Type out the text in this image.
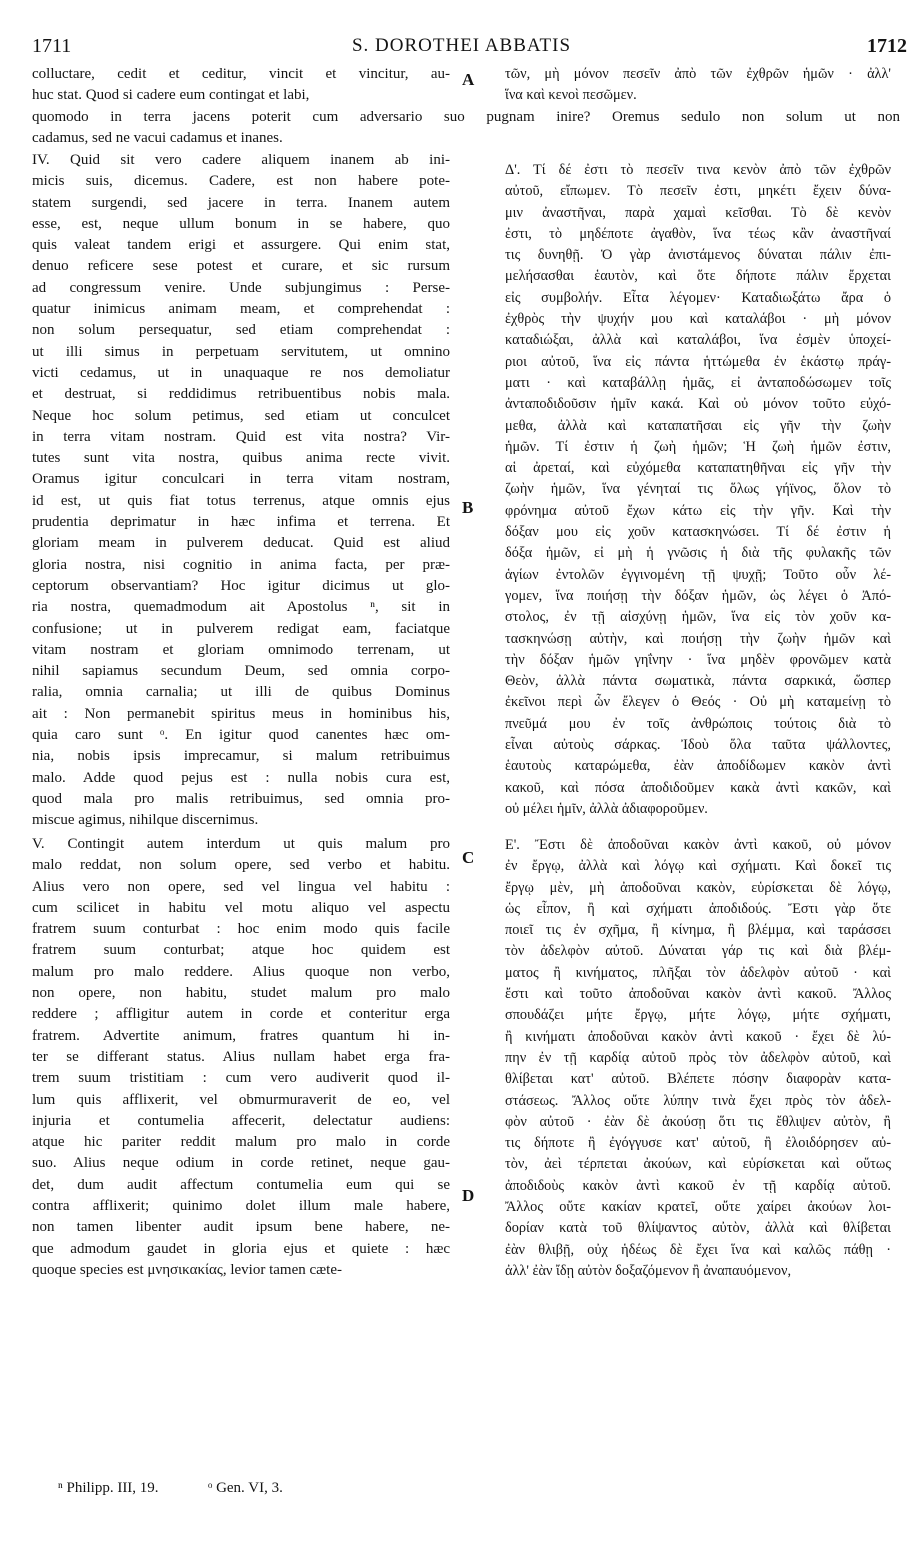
1711	S. DOROTHEI ABBATIS	1712
colluctare, cedit et ceditur, vincit et vincitur, au-
huc stat. Quod si cadere eum contingat et labi,
τῶν, μὴ μόνον πεσεῖν ἀπὸ τῶν ἐχθρῶν ἡμῶν · ἀλλ'
ἵνα καὶ κενοὶ πεσῶμεν.
quomodo in terra jacens poterit cum adversario suo pugnam inire? Oremus sedulo non solum ut non
cadamus, sed ne vacui cadamus et inanes.
IV. Quid sit vero cadere aliquem inanem ab ini-
micis suis, dicemus. Cadere, est non habere pote-
statem surgendi, sed jacere in terra. Inanem autem
esse, est, neque ullum bonum in se habere, quo
quis valeat tandem erigi et assurgere. Qui enim stat,
denuo reficere sese potest et curare, et sic rursum
ad congressum venire. Unde subjungimus : Perse-
quatur inimicus animam meam, et comprehendat :
non solum persequatur, sed etiam comprehendat :
ut illi simus in perpetuam servitutem, ut omnino
victi cedamus, ut in unaquaque re nos demoliatur
et destruat, si reddidimus retribuentibus nobis mala.
Neque hoc solum petimus, sed etiam ut conculcet
in terra vitam nostram. Quid est vita nostra? Vir-
tutes sunt vita nostra, quibus anima recte vivit.
Oramus igitur conculcari in terra vitam nostram,
id est, ut quis fiat totus terrenus, atque omnis ejus
prudentia deprimatur in hæc infima et terrena. Et
gloriam meam in pulverem deducat. Quid est aliud
gloria nostra, nisi cognitio in anima facta, per præ-
ceptorum observantiam? Hoc igitur dicimus ut glo-
ria nostra, quemadmodum ait Apostolus ⁿ, sit in
confusione; ut in pulverem redigat eam, faciatque
vitam nostram et gloriam omnimodo terrenam, ut
nihil sapiamus secundum Deum, sed omnia corpo-
ralia, omnia carnalia; ut illi de quibus Dominus
ait : Non permanebit spiritus meus in hominibus his,
quia caro sunt ᵒ. En igitur quod canentes hæc om-
nia, nobis ipsis imprecamur, si malum retribuimus
malo. Adde quod pejus est : nulla nobis cura est,
quod mala pro malis retribuimus, sed omnia pro-
miscue agimus, nihilque discernimus.
V. Contingit autem interdum ut quis malum pro
malo reddat, non solum opere, sed verbo et habitu.
Alius vero non opere, sed vel lingua vel habitu :
cum scilicet in habitu vel motu aliquo vel aspectu
fratrem suum conturbat : hoc enim modo quis facile
fratrem suum conturbat; atque hoc quidem est
malum pro malo reddere. Alius quoque non verbo,
non opere, non habitu, studet malum pro malo
reddere ; affligitur autem in corde et conteritur erga
fratrem. Advertite animum, fratres quantum hi in-
ter se differant status. Alius nullam habet erga fra-
trem suum tristitiam : cum vero audiverit quod il-
lum quis afflixerit, vel obmurmuraverit de eo, vel
injuria et contumelia affecerit, delectatur audiens:
atque hic pariter reddit malum pro malo in corde
suo. Alius neque odium in corde retinet, neque gau-
det, dum audit affectum contumelia eum qui se
contra afflixerit; quinimo dolet illum male habere,
non tamen libenter audit ipsum bene habere, ne-
que admodum gaudet in gloria ejus et quiete : hæc
quoque species est μνησικακίας, levior tamen cæte-
Δ'. Τί δέ ἐστι τὸ πεσεῖν τινα κενὸν ἀπὸ τῶν ἐχθρῶν
αὐτοῦ, εἴπωμεν. Τὸ πεσεῖν ἐστι, μηκέτι ἔχειν δύνα-
μιν ἀναστῆναι, παρὰ χαμαὶ κεῖσθαι. Τὸ δὲ κενὸν
ἐστι, τὸ μηδέποτε ἀγαθὸν, ἵνα τέως κἂν ἀναστῆναί
τις δυνηθῇ. Ὁ γὰρ ἀνιστάμενος δύναται πάλιν ἐπι-
μελήσασθαι ἑαυτὸν, καὶ ὅτε δήποτε πάλιν ἔρχεται
εἰς συμβολήν. Εἶτα λέγομεν· Καταδιωξάτω ἄρα ὁ
ἐχθρὸς τὴν ψυχήν μου καὶ καταλάβοι · μὴ μόνον
καταδιώξαι, ἀλλὰ καὶ καταλάβοι, ἵνα ἐσμὲν ὑποχεί-
ριοι αὐτοῦ, ἵνα εἰς πάντα ἡττώμεθα ἐν ἑκάστῳ πράγ-
ματι · καὶ καταβάλλῃ ἡμᾶς, εἰ ἀνταποδώσωμεν τοῖς
ἀνταποδιδοῦσιν ἡμῖν κακά. Καὶ οὐ μόνον τοῦτο εὐχό-
μεθα, ἀλλὰ καὶ καταπατῆσαι εἰς γῆν τὴν ζωὴν
ἡμῶν. Τί ἐστιν ἡ ζωὴ ἡμῶν; Ἡ ζωὴ ἡμῶν ἐστιν,
αἱ ἀρεταί, καὶ εὐχόμεθα καταπατηθῆναι εἰς γῆν τὴν
ζωὴν ἡμῶν, ἵνα γένηταί τις ὅλως γήϊνος, ὅλον τὸ
φρόνημα αὐτοῦ ἔχων κάτω εἰς τὴν γῆν. Καὶ τὴν
δόξαν μου εἰς χοῦν κατασκηνώσει. Τί δέ ἐστιν ἡ
δόξα ἡμῶν, εἰ μὴ ἡ γνῶσις ἡ διὰ τῆς φυλακῆς τῶν
ἁγίων ἐντολῶν ἐγγινομένη τῇ ψυχῇ; Τοῦτο οὖν λέ-
γομεν, ἵνα ποιήσῃ τὴν δόξαν ἡμῶν, ὡς λέγει ὁ Ἀπό-
στολος, ἐν τῇ αἰσχύνῃ ἡμῶν, ἵνα εἰς τὸν χοῦν κα-
τασκηνώσῃ αὐτὴν, καὶ ποιήσῃ τὴν ζωὴν ἡμῶν καὶ
τὴν δόξαν ἡμῶν γηΐνην · ἵνα μηδὲν φρονῶμεν κατὰ
Θεὸν, ἀλλὰ πάντα σωματικὰ, πάντα σαρκικά, ὥσπερ
ἐκεῖνοι περὶ ὧν ἔλεγεν ὁ Θεός · Οὐ μὴ καταμείνῃ τὸ
πνεῦμά μου ἐν τοῖς ἀνθρώποις τούτοις διὰ τὸ
εἶναι αὐτοὺς σάρκας. Ἰδοὺ ὅλα ταῦτα ψάλλοντες,
ἑαυτοὺς καταρώμεθα, ἐὰν ἀποδίδωμεν κακὸν ἀντὶ
κακοῦ, καὶ πόσα ἀποδιδοῦμεν κακὰ ἀντὶ κακῶν, καὶ
οὐ μέλει ἡμῖν, ἀλλὰ ἀδιαφοροῦμεν.
Ε'. Ἔστι δὲ ἀποδοῦναι κακὸν ἀντὶ κακοῦ, οὐ μόνον
ἐν ἔργῳ, ἀλλὰ καὶ λόγῳ καὶ σχήματι. Καὶ δοκεῖ τις
ἔργῳ μὲν, μὴ ἀποδοῦναι κακὸν, εὑρίσκεται δὲ λόγῳ,
ὡς εἶπον, ἢ καὶ σχήματι ἀποδιδούς. Ἔστι γὰρ ὅτε
ποιεῖ τις ἐν σχῆμα, ἢ κίνημα, ἢ βλέμμα, καὶ ταράσσει
τὸν ἀδελφὸν αὐτοῦ. Δύναται γάρ τις καὶ διὰ βλέμ-
ματος ἢ κινήματος, πλῆξαι τὸν ἀδελφὸν αὐτοῦ · καὶ
ἔστι καὶ τοῦτο ἀποδοῦναι κακὸν ἀντὶ κακοῦ. Ἄλλος
σπουδάζει μήτε ἔργῳ, μήτε λόγῳ, μήτε σχήματι,
ἢ κινήματι ἀποδοῦναι κακὸν ἀντὶ κακοῦ · ἔχει δὲ λύ-
πην ἐν τῇ καρδίᾳ αὐτοῦ πρὸς τὸν ἀδελφὸν αὐτοῦ, καὶ
θλίβεται κατ' αὐτοῦ. Βλέπετε πόσην διαφορὰν κατα-
στάσεως. Ἄλλος οὔτε λύπην τινὰ ἔχει πρὸς τὸν ἀδελ-
φὸν αὐτοῦ · ἐὰν δὲ ἀκούσῃ ὅτι τις ἔθλιψεν αὐτὸν, ἢ
τις δήποτε ἢ ἐγόγγυσε κατ' αὐτοῦ, ἢ ἐλοιδόρησεν αὐ-
τὸν, ἀεὶ τέρπεται ἀκούων, καὶ εὑρίσκεται καὶ οὕτως
ἀποδιδοὺς κακὸν ἀντὶ κακοῦ ἐν τῇ καρδίᾳ αὐτοῦ.
Ἄλλος οὔτε κακίαν κρατεῖ, οὔτε χαίρει ἀκούων λοι-
δορίαν κατὰ τοῦ θλίψαντος αὐτὸν, ἀλλὰ καὶ θλίβεται
ἐὰν θλιβῇ, οὐχ ἡδέως δὲ ἔχει ἵνα καὶ καλῶς πάθῃ ·
ἀλλ' ἐὰν ἴδῃ αὐτὸν δοξαζόμενον ἢ ἀναπαυόμενον,
A
B
C
D
ⁿ Philipp. III, 19.	ᵒ Gen. VI, 3.
